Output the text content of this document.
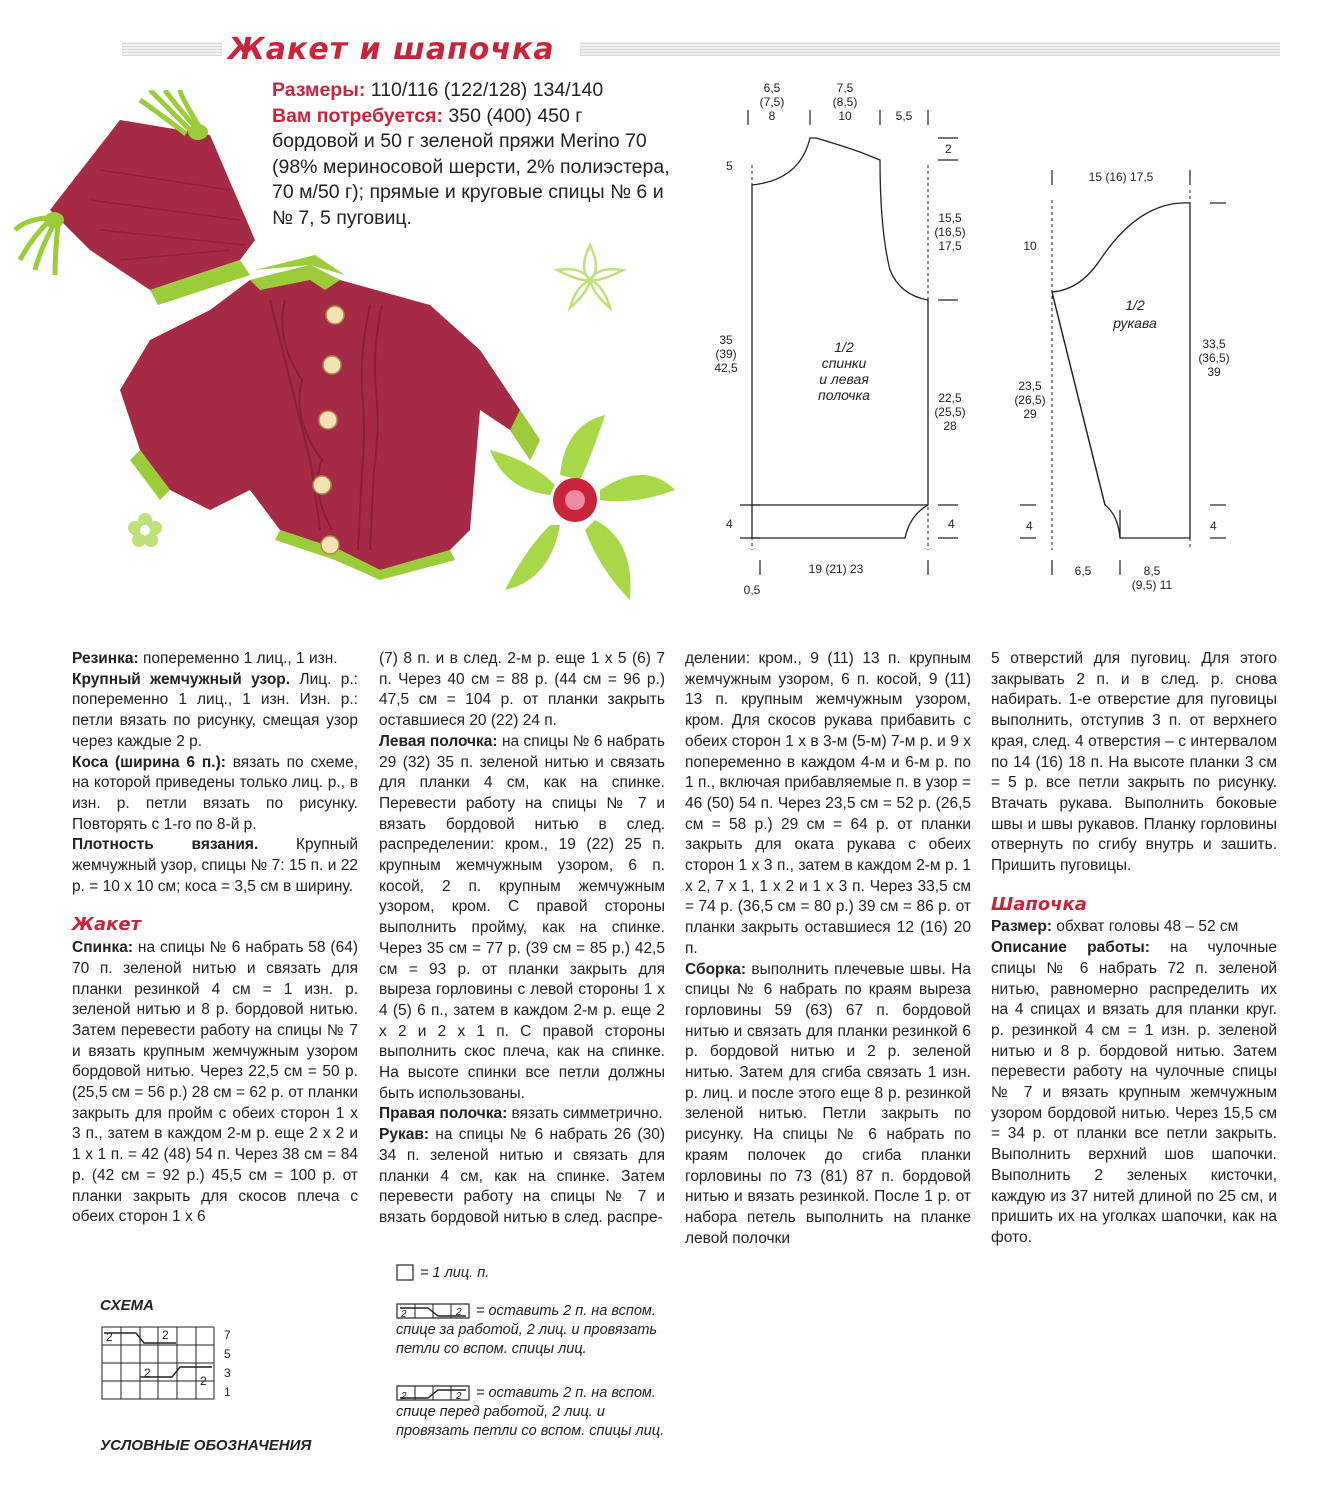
Жакет и шапочка
Размеры: 110/116 (122/128) 134/140
Вам потребуется: 350 (400) 450 г бордовой и 50 г зеленой пряжи Merino 70 (98% мериносовой шерсти, 2% полиэстера, 70 м/50 г); прямые и круговые спицы № 6 и № 7, 5 пуговиц.
6,5
(7,5)
8
7,5
(8,5)
10	5,5
5
2
15,5
(16,5)
17,5
35
(39)
42,5
1/2
спинки
и левая
полочка	22,5
(25,5)
28
4	4
19 (21) 23
0,5
15 (16) 17,5
10
1/2
рукава
33,5
(36,5)
39
23,5
(26,5)
29
4	4
6,5	8,5
(9,5) 11

Резинка: попеременно 1 лиц., 1 изн.

Крупный жемчужный узор. Лиц. р.: попеременно 1 лиц., 1 изн. Изн. р.: петли вязать по рисунку, смещая узор через каждые 2 р.

Коса (ширина 6 п.): вязать по схеме, на которой приведены только лиц. р., в изн. р. петли вязать по рисунку. Повторять с 1-го по 8-й р.

Плотность вязания. Крупный жемчужный узор, спицы № 7: 15 п. и 22 р. = 10 x 10 см; коса = 3,5 см в ширину.

Жакет

Спинка: на спицы № 6 набрать 58 (64) 70 п. зеленой нитью и связать для планки резинкой 4 см = 1 изн. р. зеленой нитью и 8 р. бордовой нитью. Затем перевести работу на спицы № 7 и вязать крупным жемчужным узором бордовой нитью. Через 22,5 см = 50 р. (25,5 см = 56 р.) 28 см = 62 р. от планки закрыть для пройм с обеих сторон 1 x 3 п., затем в каждом 2-м р. еще 2 x 2 и 1 x 1 п. = 42 (48) 54 п. Через 38 см = 84 р. (42 см = 92 р.) 45,5 см = 100 р. от планки закрыть для скосов плеча с обеих сторон 1 x 6

(7) 8 п. и в след. 2-м р. еще 1 x 5 (6) 7 п. Через 40 см = 88 р. (44 см = 96 р.) 47,5 см = 104 р. от планки закрыть оставшиеся 20 (22) 24 п.

Левая полочка: на спицы № 6 набрать 29 (32) 35 п. зеленой нитью и связать для планки 4 см, как на спинке. Перевести работу на спицы № 7 и вязать бордовой нитью в след. распределении: кром., 19 (22) 25 п. крупным жемчужным узором, 6 п. косой, 2 п. крупным жемчужным узором, кром. С правой стороны выполнить пройму, как на спинке. Через 35 см = 77 р. (39 см = 85 р.) 42,5 см = 93 р. от планки закрыть для выреза горловины с левой стороны 1 x 4 (5) 6 п., затем в каждом 2-м р. еще 2 x 2 и 2 x 1 п. С правой стороны выполнить скос плеча, как на спинке. На высоте спинки все петли должны быть использованы.

Правая полочка: вязать симметрично.

Рукав: на спицы № 6 набрать 26 (30) 34 п. зеленой нитью и связать для планки 4 см, как на спинке. Затем перевести работу на спицы № 7 и вязать бордовой нитью в след. распре-

делении: кром., 9 (11) 13 п. крупным жемчужным узором, 6 п. косой, 9 (11) 13 п. крупным жемчужным узором, кром. Для скосов рукава прибавить с обеих сторон 1 x в 3-м (5-м) 7-м р. и 9 x попеременно в каждом 4-м и 6-м р. по 1 п., включая прибавляемые п. в узор = 46 (50) 54 п. Через 23,5 см = 52 р. (26,5 см = 58 р.) 29 см = 64 р. от планки закрыть для оката рукава с обеих сторон 1 x 3 п., затем в каждом 2-м р. 1 x 2, 7 x 1, 1 x 2 и 1 x 3 п. Через 33,5 см = 74 р. (36,5 см = 80 р.) 39 см = 86 р. от планки закрыть оставшиеся 12 (16) 20 п.

Сборка: выполнить плечевые швы. На спицы № 6 набрать по краям выреза горловины 59 (63) 67 п. бордовой нитью и связать для планки резинкой 6 р. бордовой нитью и 2 р. зеленой нитью. Затем для сгиба связать 1 изн. р. лиц. и после этого еще 8 р. резинкой зеленой нитью. Петли закрыть по рисунку. На спицы № 6 набрать по краям полочек до сгиба планки горловины по 73 (81) 87 п. бордовой нитью и вязать резинкой. После 1 р. от набора петель выполнить на планке левой полочки

5 отверстий для пуговиц. Для этого закрывать 2 п. и в след. р. снова набирать. 1-е отверстие для пуговицы выполнить, отступив 3 п. от верхнего края, след. 4 отверстия – с интервалом по 14 (16) 18 п. На высоте планки 3 см = 5 р. все петли закрыть по рисунку. Втачать рукава. Выполнить боковые швы и швы рукавов. Планку горловины отвернуть по сгибу внутрь и зашить. Пришить пуговицы.

Шапочка

Размер: обхват головы 48 – 52 см

Описание работы: на чулочные спицы № 6 набрать 72 п. зеленой нитью, равномерно распределить их на 4 спицах и вязать для планки круг. р. резинкой 4 см = 1 изн. р. зеленой нитью и 8 р. бордовой нитью. Затем перевести работу на чулочные спицы № 7 и вязать крупным жемчужным узором бордовой нитью. Через 15,5 см = 34 р. от планки все петли закрыть. Выполнить верхний шов шапочки. Выполнить 2 зеленых кисточки, каждую из 37 нитей длиной по 25 см, и пришить их на уголках шапочки, как на фото.

СХЕМА
2	2
2
2
7
5
3
1
УСЛОВНЫЕ ОБОЗНАЧЕНИЯ
= 1 лиц. п.
2	2 = оставить 2 п. на вспом. спице за работой, 2 лиц. и провязать петли со вспом. спицы лиц.
2	2 = оставить 2 п. на вспом. спице перед работой, 2 лиц. и провязать петли со вспом. спицы лиц.
